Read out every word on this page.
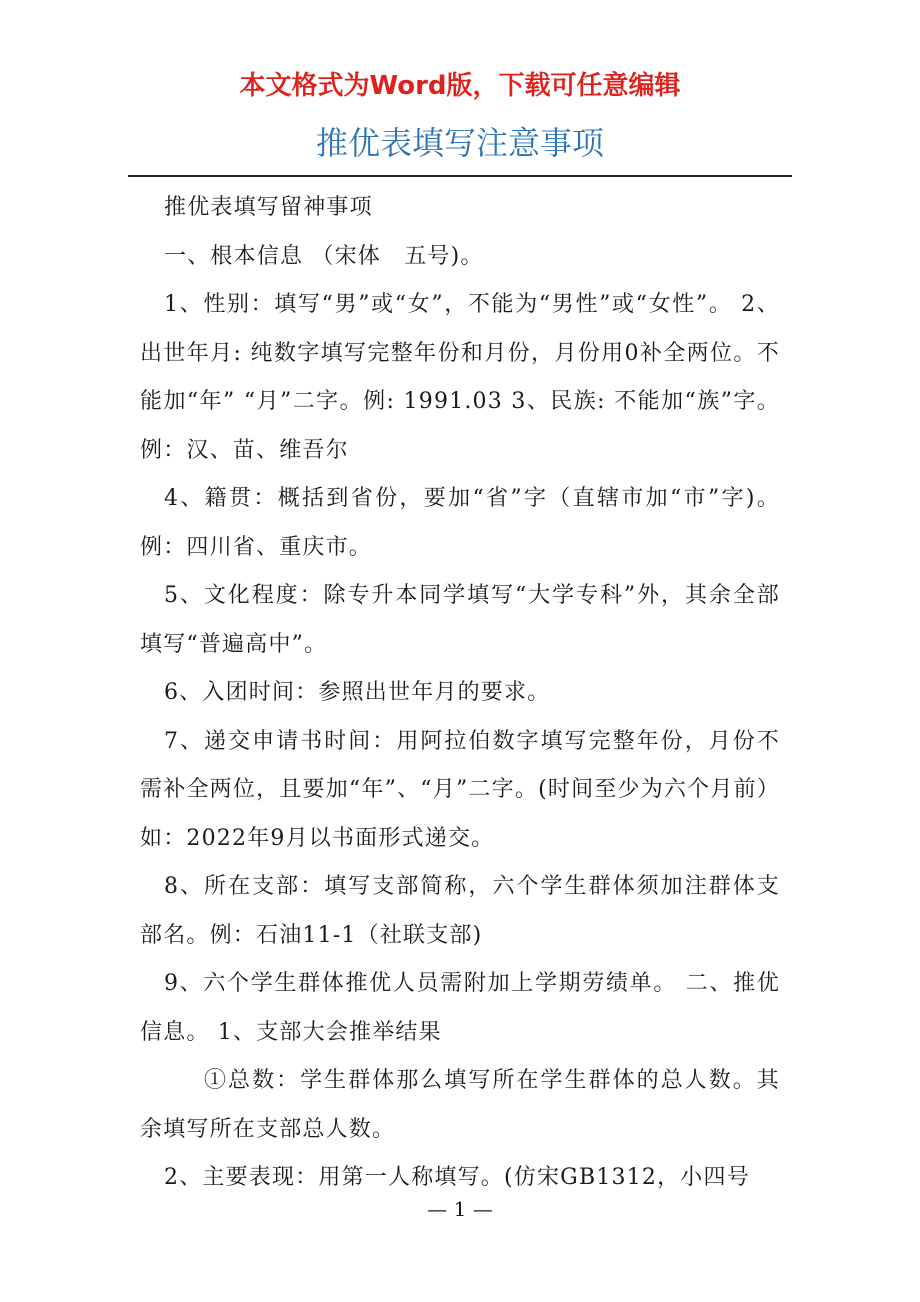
本文格式为Word版，下载可任意编辑
推优表填写注意事项

推优表填写留神事项

一、根本信息 （宋体　五号)。

1、性别：填写“男”或“女”，不能为“男性”或“女性”。 2、出世年月: 纯数字填写完整年份和月份，月份用0补全两位。不能加“年” “月”二字。例: 1991.03 3、民族: 不能加“族”字。例：汉、苗、维吾尔

4、籍贯：概括到省份，要加“省”字（直辖市加“市”字)。例：四川省、重庆市。

5、文化程度：除专升本同学填写“大学专科”外，其余全部填写“普遍高中”。

6、入团时间：参照出世年月的要求。

7、递交申请书时间：用阿拉伯数字填写完整年份，月份不需补全两位，且要加“年”、“月”二字。(时间至少为六个月前）如：2022年9月以书面形式递交。

8、所在支部：填写支部简称，六个学生群体须加注群体支部名。例：石油11-1（社联支部)

9、六个学生群体推优人员需附加上学期劳绩单。 二、推优信息。 1、支部大会推举结果

①总数：学生群体那么填写所在学生群体的总人数。其余填写所在支部总人数。

2、主要表现：用第一人称填写。(仿宋GB1312，小四号

— 1 —
